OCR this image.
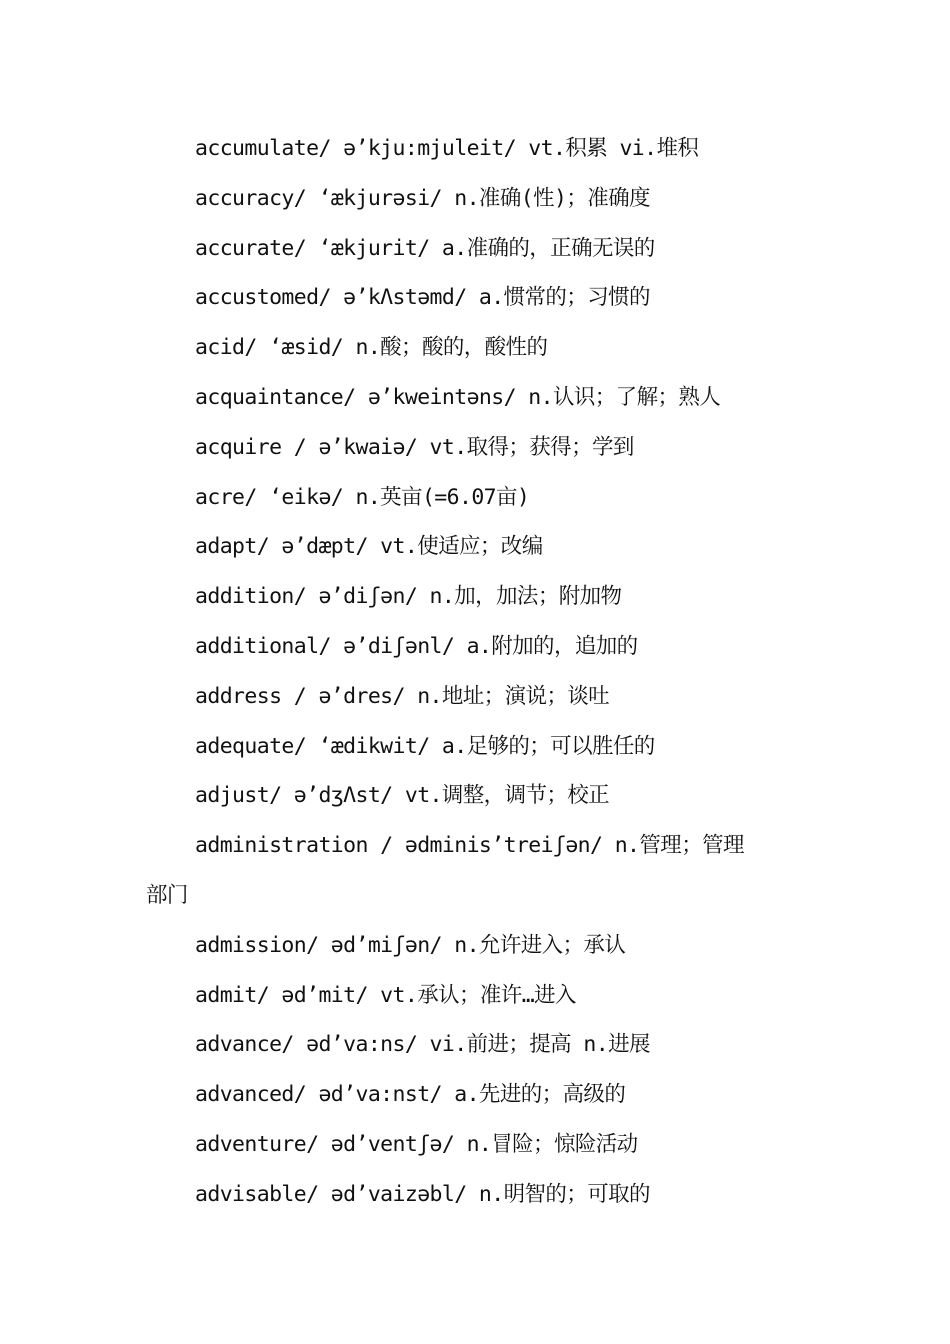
accumulate/ ə’kju:mjuleit/ vt.积累 vi.堆积
accuracy/ ‘ækjurəsi/ n.准确(性)；准确度
accurate/ ‘ækjurit/ a.准确的，正确无误的
accustomed/ ə’kΛstəmd/ a.惯常的；习惯的
acid/ ‘æsid/ n.酸；酸的，酸性的
acquaintance/ ə’kweintəns/ n.认识；了解；熟人
acquire / ə’kwaiə/ vt.取得；获得；学到
acre/ ‘eikə/ n.英亩(=6.07亩)
adapt/ ə’dæpt/ vt.使适应；改编
addition/ ə’diʃən/ n.加，加法；附加物
additional/ ə’diʃənl/ a.附加的，追加的
address / ə’dres/ n.地址；演说；谈吐
adequate/ ‘ædikwit/ a.足够的；可以胜任的
adjust/ ə’dʒΛst/ vt.调整，调节；校正
administration / ədminis’treiʃən/ n.管理；管理
部门
admission/ əd’miʃən/ n.允许进入；承认
admit/ əd’mit/ vt.承认；准许…进入
advance/ əd’va:ns/ vi.前进；提高 n.进展
advanced/ əd’va:nst/ a.先进的；高级的
adventure/ əd’ventʃə/ n.冒险；惊险活动
advisable/ əd’vaizəbl/ n.明智的；可取的
